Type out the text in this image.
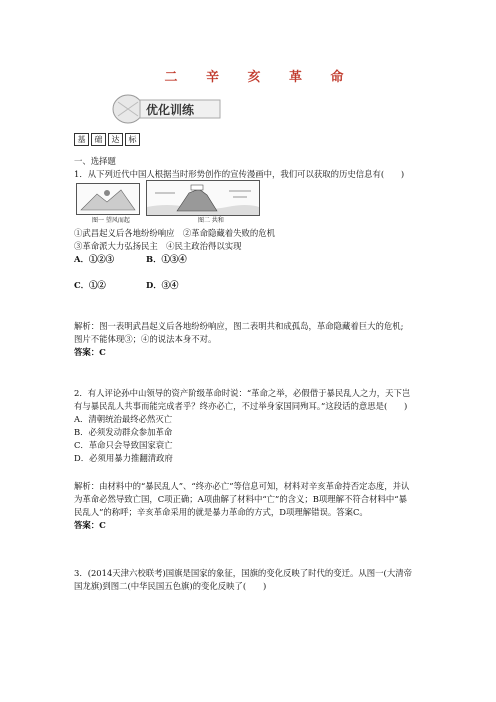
二 辛 亥 革 命
优化训练
基	础	达	标
一、选择题
1．从下列近代中国人根据当时形势创作的宣传漫画中，我们可以获取的历史信息有(　　)
图一 望风而起	图二 共和
①武昌起义后各地纷纷响应　②革命隐藏着失败的危机
③革命派大力弘扬民主　④民主政治得以实现
A．①②③	B．①③④
C．①②	D．③④
解析：图一表明武昌起义后各地纷纷响应，图二表明共和成孤岛，革命隐藏着巨大的危机;
图片不能体现③；④的说法本身不对。
答案：C
2．有人评论孙中山领导的资产阶级革命时说：“革命之举，必假借于暴民乱人之力，天下岂
有与暴民乱人共事而能完成者乎？终亦必亡，不过举身家国同殉耳。”这段话的意思是(　　)
A．清朝统治最终必然灭亡
B．必须发动群众参加革命
C．革命只会导致国家衰亡
D．必须用暴力推翻清政府
解析：由材料中的“暴民乱人”、“终亦必亡”等信息可知，材料对辛亥革命持否定态度，并认
为革命必然导致亡国，C项正确；A项曲解了材料中“亡”的含义；B项理解不符合材料中“暴
民乱人”的称呼；辛亥革命采用的就是暴力革命的方式，D项理解错误。答案C。
答案：C
3．(2014天津六校联考)国旗是国家的象征，国旗的变化反映了时代的变迁。从图一(大清帝
国龙旗)到图二(中华民国五色旗)的变化反映了(　　)
